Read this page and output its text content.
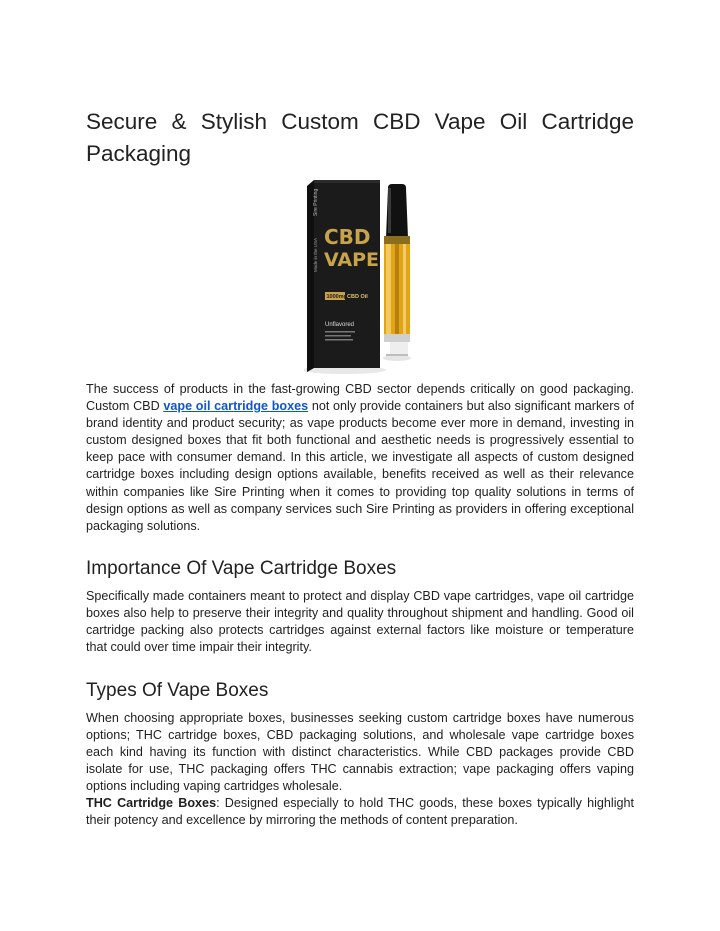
Secure & Stylish Custom CBD Vape Oil Cartridge Packaging
Sire Printing
Made in the USA
CBD
VAPE
1000mg CBD Oil
Unflavored

The success of products in the fast-growing CBD sector depends critically on good packaging. Custom CBD vape oil cartridge boxes not only provide containers but also significant markers of brand identity and product security; as vape products become ever more in demand, investing in custom designed boxes that fit both functional and aesthetic needs is progressively essential to keep pace with consumer demand. In this article, we investigate all aspects of custom designed cartridge boxes including design options available, benefits received as well as their relevance within companies like Sire Printing when it comes to providing top quality solutions in terms of design options as well as company services such Sire Printing as providers in offering exceptional packaging solutions.

Importance Of Vape Cartridge Boxes

Specifically made containers meant to protect and display CBD vape cartridges, vape oil cartridge boxes also help to preserve their integrity and quality throughout shipment and handling. Good oil cartridge packing also protects cartridges against external factors like moisture or temperature that could over time impair their integrity.

Types Of Vape Boxes

When choosing appropriate boxes, businesses seeking custom cartridge boxes have numerous options; THC cartridge boxes, CBD packaging solutions, and wholesale vape cartridge boxes each kind having its function with distinct characteristics. While CBD packages provide CBD isolate for use, THC packaging offers THC cannabis extraction; vape packaging offers vaping options including vaping cartridges wholesale.

THC Cartridge Boxes: Designed especially to hold THC goods, these boxes typically highlight their potency and excellence by mirroring the methods of content preparation.
